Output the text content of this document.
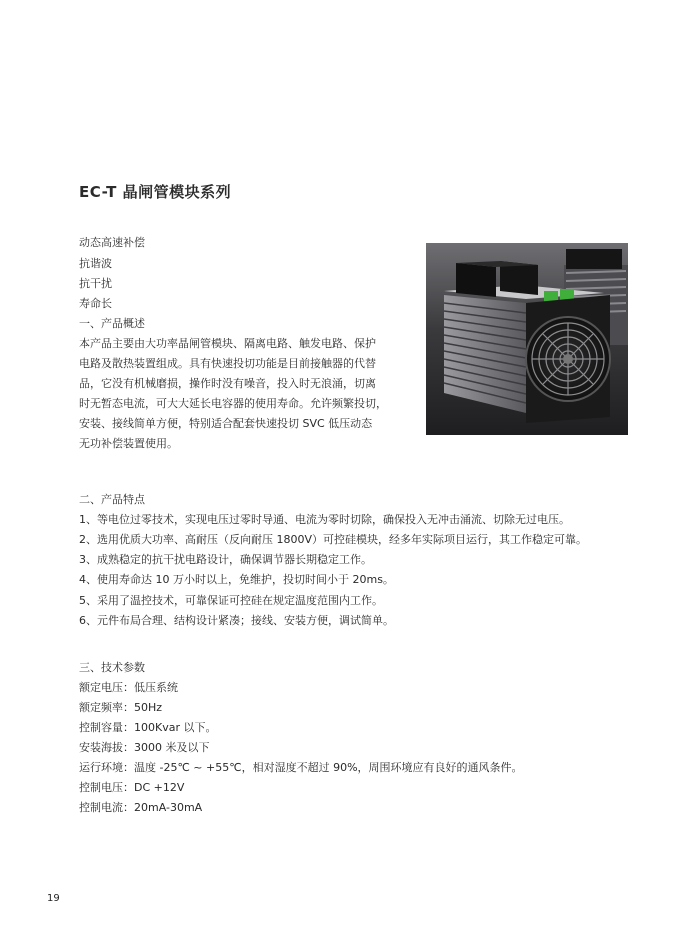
EC-T 晶闸管模块系列
动态高速补偿
抗谐波
抗干扰
寿命长
一、产品概述
本产品主要由大功率晶闸管模块、隔离电路、触发电路、保护
电路及散热装置组成。具有快速投切功能是目前接触器的代替
品，它没有机械磨损，操作时没有噪音，投入时无浪涌，切离
时无暂态电流，可大大延长电容器的使用寿命。允许频繁投切，
安装、接线简单方便，特别适合配套快速投切 SVC 低压动态
无功补偿装置使用。
二、产品特点
1、等电位过零技术，实现电压过零时导通、电流为零时切除，确保投入无冲击涌流、切除无过电压。
2、选用优质大功率、高耐压（反向耐压 1800V）可控硅模块，经多年实际项目运行，其工作稳定可靠。
3、成熟稳定的抗干扰电路设计，确保调节器长期稳定工作。
4、使用寿命达 10 万小时以上，免维护，投切时间小于 20ms。
5、采用了温控技术，可靠保证可控硅在规定温度范围内工作。
6、元件布局合理、结构设计紧凑；接线、安装方便，调试简单。
三、技术参数
额定电压：低压系统
额定频率：50Hz
控制容量：100Kvar 以下。
安装海拔：3000 米及以下
运行环境：温度 -25℃ ~ +55℃，相对湿度不超过 90%，周围环境应有良好的通风条件。
控制电压：DC +12V
控制电流：20mA-30mA
19
